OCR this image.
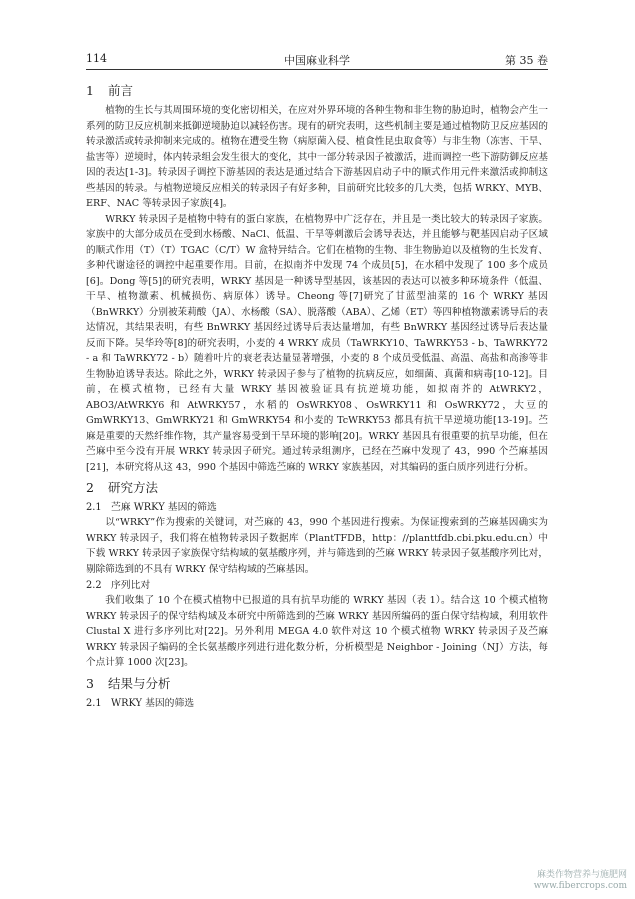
114	中国麻业科学	第 35 卷
1 前言

植物的生长与其周围环境的变化密切相关，在应对外界环境的各种生物和非生物的胁迫时，植物会产生一系列的防卫反应机制来抵御逆境胁迫以减轻伤害。现有的研究表明，这些机制主要是通过植物防卫反应基因的转录激活或转录抑制来完成的。植物在遭受生物（病原菌入侵、植食性昆虫取食等）与非生物（冻害、干旱、盐害等）逆境时，体内转录组会发生很大的变化，其中一部分转录因子被激活，进而调控一些下游防御反应基因的表达[1-3]。转录因子调控下游基因的表达是通过结合下游基因启动子中的顺式作用元件来激活或抑制这些基因的转录。与植物逆境反应相关的转录因子有好多种，目前研究比较多的几大类，包括 WRKY、MYB、ERF、NAC 等转录因子家族[4]。

WRKY 转录因子是植物中特有的蛋白家族，在植物界中广泛存在，并且是一类比较大的转录因子家族。家族中的大部分成员在受到水杨酸、NaCl、低温、干旱等刺激后会诱导表达，并且能够与靶基因启动子区域的顺式作用（T）（T）TGAC（C/T）W 盒特异结合。它们在植物的生物、非生物胁迫以及植物的生长发育、多种代谢途径的调控中起重要作用。目前，在拟南芥中发现 74 个成员[5]，在水稻中发现了 100 多个成员[6]。Dong 等[5]的研究表明，WRKY 基因是一种诱导型基因，该基因的表达可以被多种环境条件（低温、干旱、植物激素、机械损伤、病原体）诱导。Cheong 等[7]研究了甘蓝型油菜的 16 个 WRKY 基因（BnWRKY）分别被茉莉酸（JA）、水杨酸（SA）、脱落酸（ABA）、乙烯（ET）等四种植物激素诱导后的表达情况，其结果表明，有些 BnWRKY 基因经过诱导后表达量增加，有些 BnWRKY 基因经过诱导后表达量反而下降。吴华玲等[8]的研究表明，小麦的 4 WRKY 成员（TaWRKY10、TaWRKY53 - b、TaWRKY72 - a 和 TaWRKY72 - b）随着叶片的衰老表达量显著增强，小麦的 8 个成员受低温、高温、高盐和高渗等非生物胁迫诱导表达。除此之外，WRKY 转录因子参与了植物的抗病反应，如细菌、真菌和病毒[10-12]。目前，在模式植物，已经有大量 WRKY 基因被验证具有抗逆境功能，如拟南芥的 AtWRKY2，ABO3/AtWRKY6 和 AtWRKY57，水稻的 OsWRKY08、OsWRKY11 和 OsWRKY72，大豆的 GmWRKY13、GmWRKY21 和 GmWRKY54 和小麦的 TcWRKY53 都具有抗干旱逆境功能[13-19]。苎麻是重要的天然纤维作物，其产量容易受到干旱环境的影响[20]。WRKY 基因具有很重要的抗旱功能，但在苎麻中至今没有开展 WRKY 转录因子研究。通过转录组测序，已经在苎麻中发现了 43，990 个苎麻基因[21]，本研究将从这 43，990 个基因中筛选苎麻的 WRKY 家族基因，对其编码的蛋白质序列进行分析。

2 研究方法
2.1 苎麻 WRKY 基因的筛选

以“WRKY”作为搜索的关键词，对苎麻的 43，990 个基因进行搜索。为保证搜索到的苎麻基因确实为 WRKY 转录因子，我们将在植物转录因子数据库（PlantTFDB，http：//planttfdb.cbi.pku.edu.cn）中下载 WRKY 转录因子家族保守结构域的氨基酸序列，并与筛选到的苎麻 WRKY 转录因子氨基酸序列比对，剔除筛选到的不具有 WRKY 保守结构域的苎麻基因。

2.2 序列比对

我们收集了 10 个在模式植物中已报道的具有抗旱功能的 WRKY 基因（表 1）。结合这 10 个模式植物 WRKY 转录因子的保守结构域及本研究中所筛选到的苎麻 WRKY 基因所编码的蛋白保守结构域，利用软件 Clustal X 进行多序列比对[22]。另外利用 MEGA 4.0 软件对这 10 个模式植物 WRKY 转录因子及苎麻 WRKY 转录因子编码的全长氨基酸序列进行进化数分析，分析模型是 Neighbor - Joining（NJ）方法，每个点计算 1000 次[23]。

3 结果与分析
2.1 WRKY 基因的筛选
麻类作物营养与施肥网
www.fibercrops.com
